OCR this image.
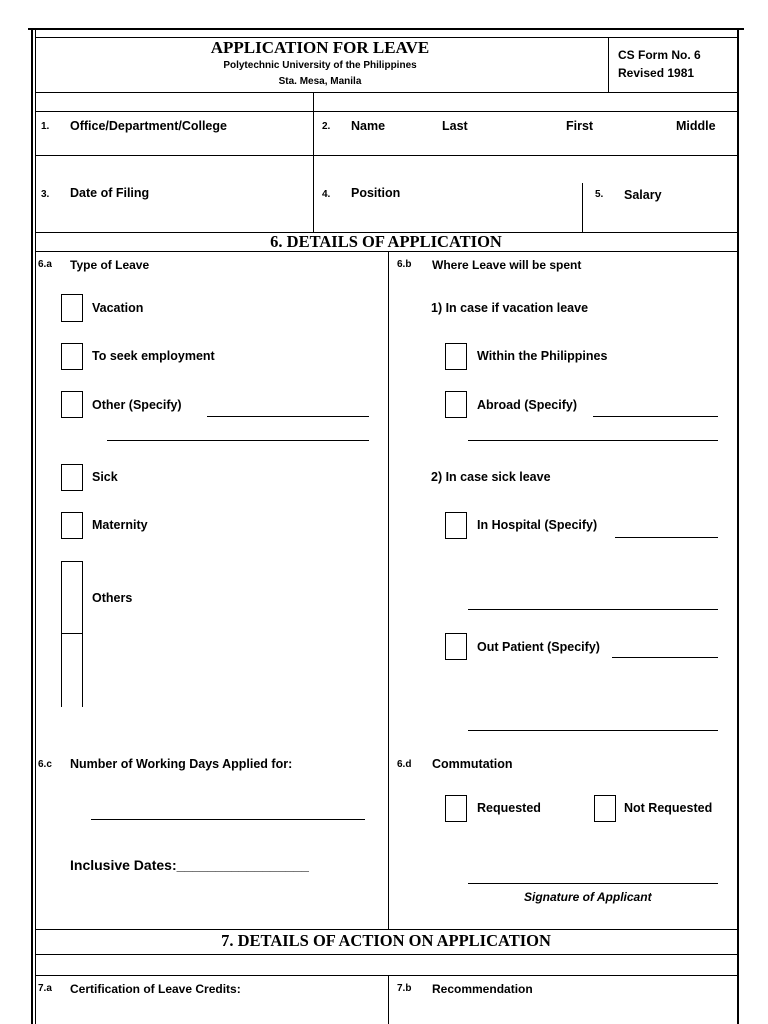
APPLICATION FOR LEAVE
Polytechnic University of the Philippines
Sta. Mesa, Manila
CS Form No. 6
Revised 1981
1. Office/Department/College	2. Name	Last	First	Middle
3. Date of Filing	4. Position	5. Salary
6. DETAILS OF APPLICATION
6.a Type of Leave
Vacation
To seek employment
Other (Specify)
Sick
Maternity
Others
6.b Where Leave will be spent
1) In case if vacation leave
Within the Philippines
Abroad (Specify)
2) In case sick leave
In Hospital (Specify)
Out Patient (Specify)
6.c Number of Working Days Applied for:
Inclusive Dates:_________________
6.d Commutation
Requested	Not Requested
Signature of Applicant
7. DETAILS OF ACTION ON APPLICATION
7.a Certification of Leave Credits:	7.b Recommendation
